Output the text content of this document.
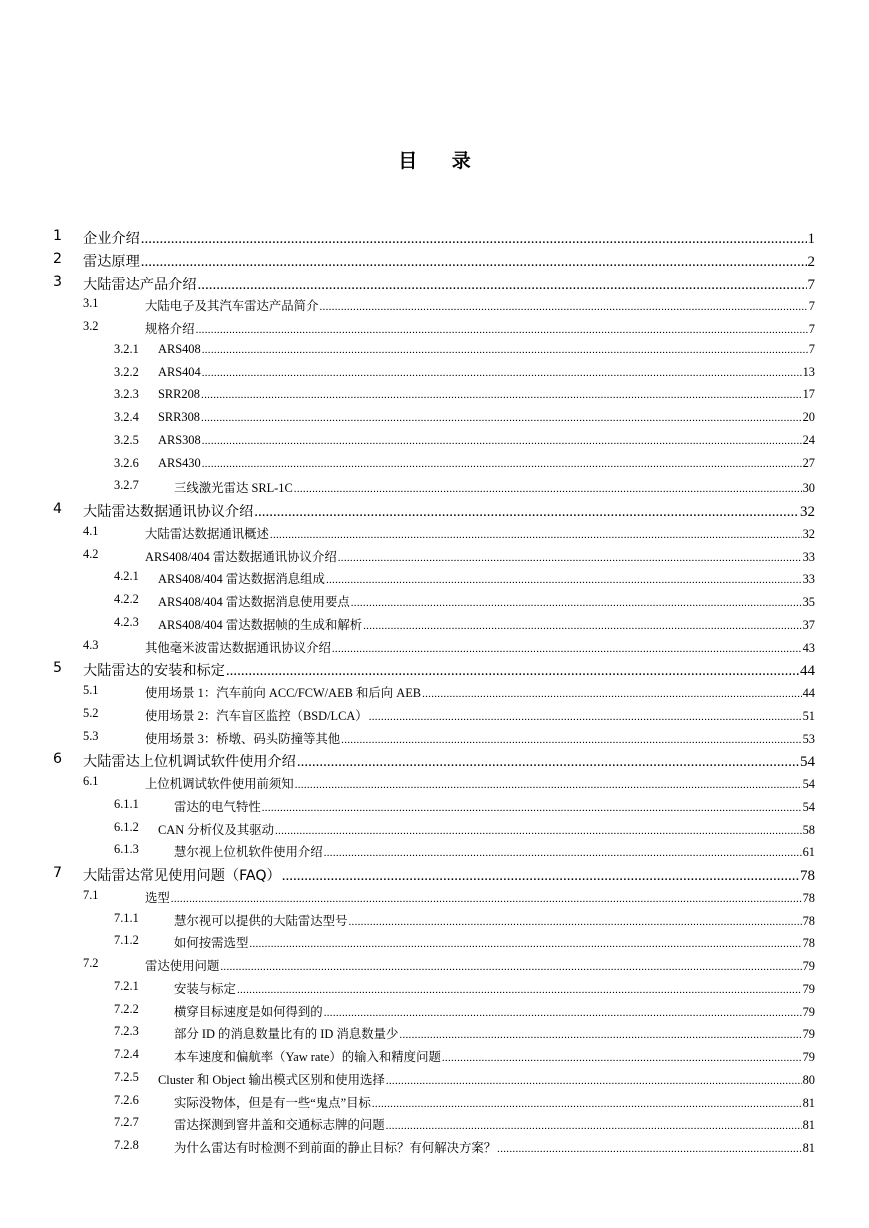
目 录
1 企业介绍 .....	1
2 雷达原理 .....	2
3 大陆雷达产品介绍 .....	7
3.1	大陆电子及其汽车雷达产品简介 .....	7
3.2	规格介绍 .....	7
3.2.1 ARS408 .....	7
3.2.2 ARS404 .....	13
3.2.3 SRR208 .....	17
3.2.4 SRR308 .....	20
3.2.5 ARS308 .....	24
3.2.6 ARS430 .....	27
3.2.7	三线激光雷达 SRL-1C .....	30
4 大陆雷达数据通讯协议介绍 .....	32
4.1	大陆雷达数据通讯概述 .....	32
4.2	ARS408/404 雷达数据通讯协议介绍 .....	33
4.2.1 ARS408/404 雷达数据消息组成 .....	33
4.2.2 ARS408/404 雷达数据消息使用要点 .....	35
4.2.3 ARS408/404 雷达数据帧的生成和解析 .....	37
4.3	其他毫米波雷达数据通讯协议介绍 .....	43
5 大陆雷达的安装和标定 .....	44
5.1	使用场景 1：汽车前向 ACC/FCW/AEB 和后向 AEB .....	44
5.2	使用场景 2：汽车盲区监控（BSD/LCA） .....	51
5.3	使用场景 3：桥墩、码头防撞等其他 .....	53
6 大陆雷达上位机调试软件使用介绍 .....	54
6.1	上位机调试软件使用前须知 .....	54
6.1.1	雷达的电气特性 .....	54
6.1.2 CAN 分析仪及其驱动 .....	58
6.1.3	慧尔视上位机软件使用介绍 .....	61
7 大陆雷达常见使用问题（FAQ） .....	78
7.1	选型 .....	78
7.1.1	慧尔视可以提供的大陆雷达型号 .....	78
7.1.2	如何按需选型 .....	78
7.2	雷达使用问题 .....	79
7.2.1	安装与标定 .....	79
7.2.2	横穿目标速度是如何得到的 .....	79
7.2.3	部分 ID 的消息数量比有的 ID 消息数量少 .....	79
7.2.4	本车速度和偏航率（Yaw rate）的输入和精度问题 .....	79
7.2.5 Cluster 和 Object 输出模式区别和使用选择 .....	80
7.2.6	实际没物体，但是有一些“鬼点”目标 .....	81
7.2.7	雷达探测到窨井盖和交通标志牌的问题 .....	81
7.2.8	为什么雷达有时检测不到前面的静止目标？有何解决方案？ .....	81
